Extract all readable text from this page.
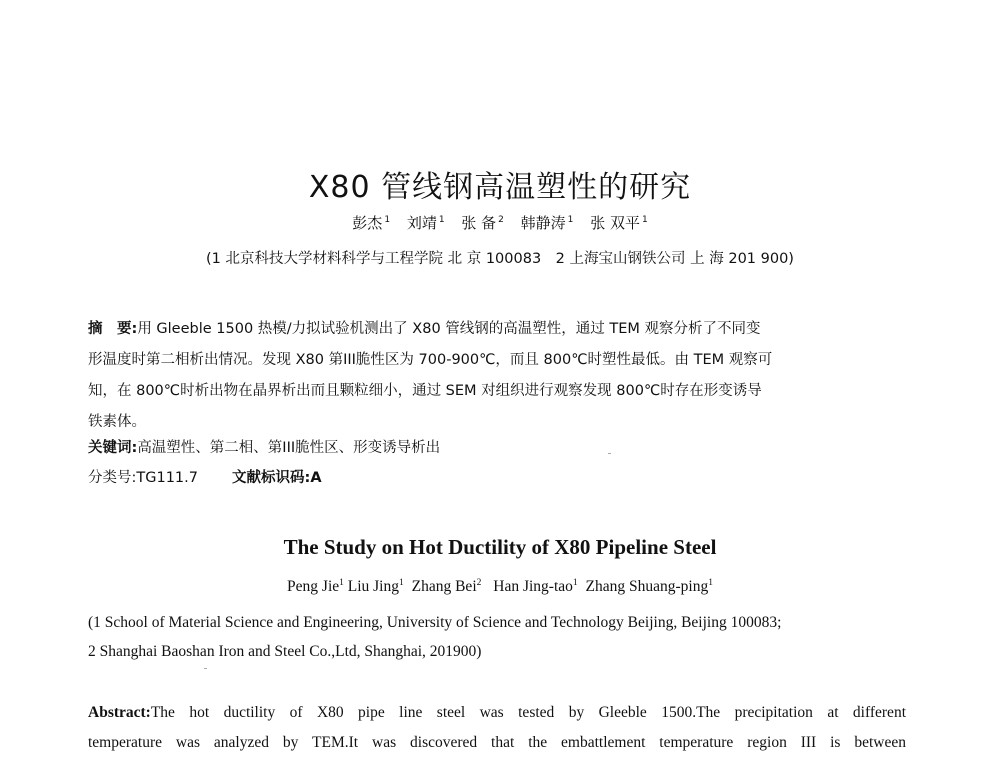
X80 管线钢高温塑性的研究
彭杰 $^1$ 刘靖 $^1$ 张 备 $^2$ 韩静涛 $^1$ 张 双平 $^1$
(1 北京科技大学材料科学与工程学院 北 京 100083　2 上海宝山钢铁公司 上 海 201 900)
摘　要:用 Gleeble 1500 热模/力拟试验机测出了 X80 管线钢的高温塑性，通过 TEM 观察分析了不同变
形温度时第二相析出情况。发现 X80 第III脆性区为 700-900℃，而且 800℃时塑性最低。由 TEM 观察可
知，在 800℃时析出物在晶界析出而且颗粒细小，通过 SEM 对组织进行观察发现 800℃时存在形变诱导
铁素体。
关键词:高温塑性、第二相、第III脆性区、形变诱导析出
分类号:TG111.7 文献标识码:A
The Study on Hot Ductility of X80 Pipeline Steel
Peng Jie$^1$ Liu Jing$^1$ Zhang Bei$^2$ Han Jing-tao$^1$ Zhang Shuang-ping$^1$
(1 School of Material Science and Engineering, University of Science and Technology Beijing, Beijing 100083;
2 Shanghai Baoshan Iron and Steel Co.,Ltd, Shanghai, 201900)
Abstract:The hot ductility of X80 pipe line steel was tested by Gleeble 1500.The precipitation at different
temperature was analyzed by TEM.It was discovered that the embattlement temperature region III is between
